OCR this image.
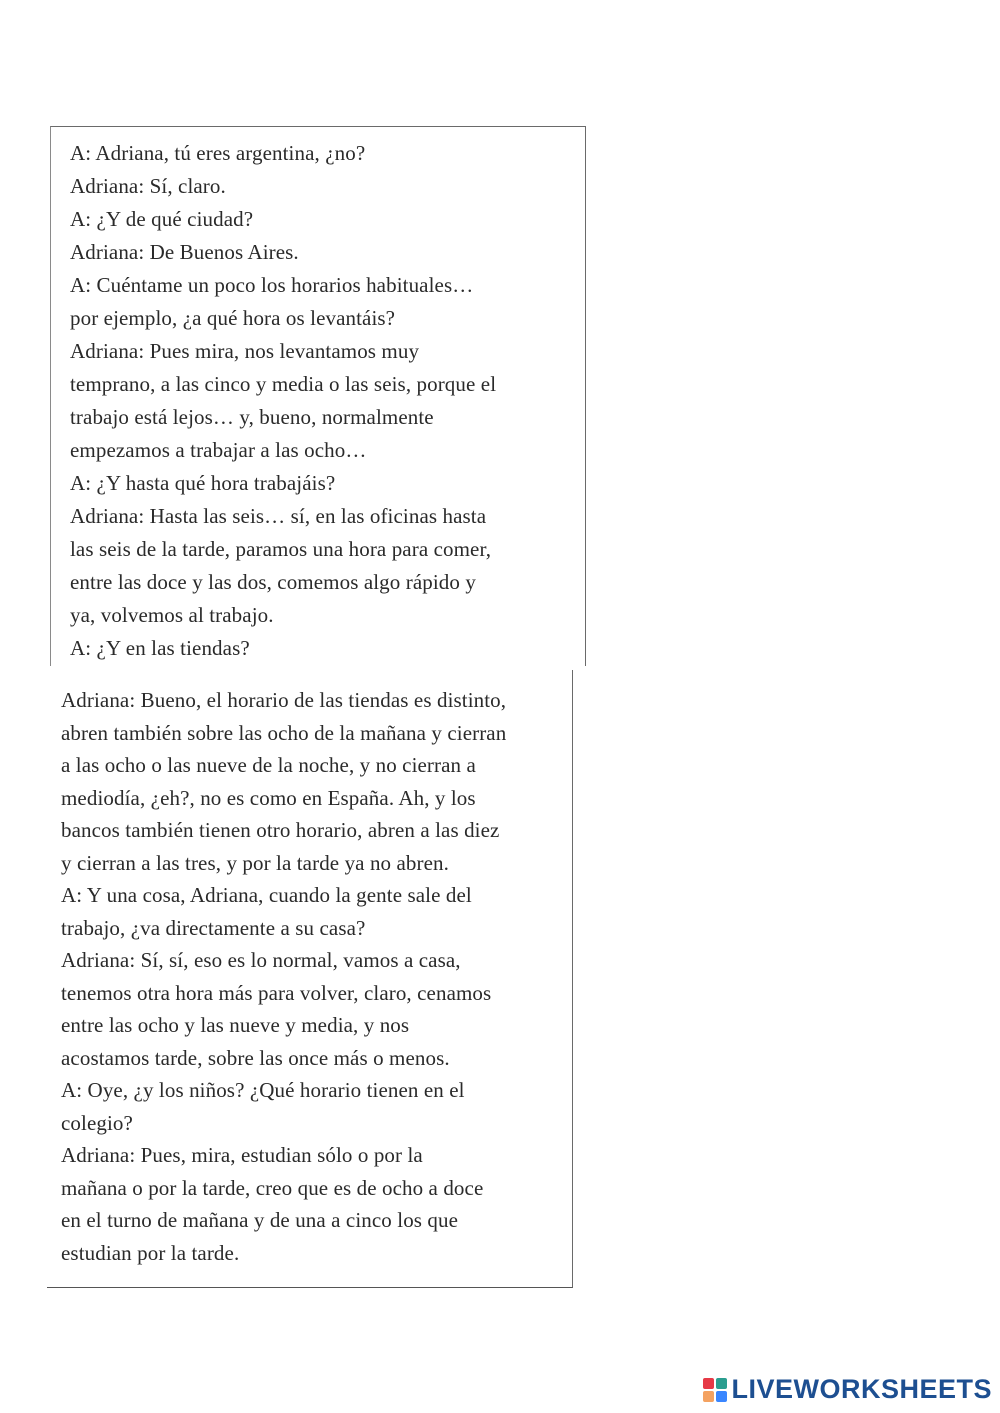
A: Adriana, tú eres argentina, ¿no?
Adriana: Sí, claro.
A: ¿Y de qué ciudad?
Adriana: De Buenos Aires.
A: Cuéntame un poco los horarios habituales…
por ejemplo, ¿a qué hora os levantáis?
Adriana: Pues mira, nos levantamos muy
temprano, a las cinco y media o las seis, porque el
trabajo está lejos… y, bueno, normalmente
empezamos a trabajar a las ocho…
A: ¿Y hasta qué hora trabajáis?
Adriana: Hasta las seis… sí, en las oficinas hasta
las seis de la tarde, paramos una hora para comer,
entre las doce y las dos, comemos algo rápido y
ya, volvemos al trabajo.
A: ¿Y en las tiendas?
Adriana: Bueno, el horario de las tiendas es distinto,
abren también sobre las ocho de la mañana y cierran
a las ocho o las nueve de la noche, y no cierran a
mediodía, ¿eh?, no es como en España. Ah, y los
bancos también tienen otro horario, abren a las diez
y cierran a las tres, y por la tarde ya no abren.
A: Y una cosa, Adriana, cuando la gente sale del
trabajo, ¿va directamente a su casa?
Adriana: Sí, sí, eso es lo normal, vamos a casa,
tenemos otra hora más para volver, claro, cenamos
entre las ocho y las nueve y media, y nos
acostamos tarde, sobre las once más o menos.
A: Oye, ¿y los niños? ¿Qué horario tienen en el
colegio?
Adriana: Pues, mira, estudian sólo o por la
mañana o por la tarde, creo que es de ocho a doce
en el turno de mañana y de una a cinco los que
estudian por la tarde.
LIVEWORKSHEETS
